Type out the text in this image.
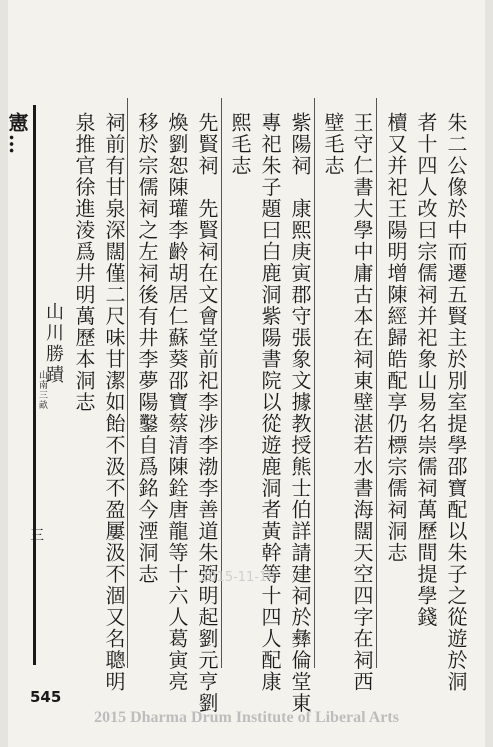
憲…
山川勝蹟
山南三畝
三	朱二公像於中而遷五賢主於別室提學邵寶配以朱子之從遊於洞
者十四人改曰宗儒祠并祀象山易名崇儒祠萬歷間提學錢
櫝又并祀王陽明增陳經歸皓配享仍標宗儒祠洞志
王守仁書大學中庸古本在祠東壁湛若水書海闊天空四字在祠西
壁毛志
紫陽祠　康熙庚寅郡守張象文據教授熊士伯詳請建祠於彝倫堂東
專祀朱子題曰白鹿洞紫陽書院以從遊鹿洞者黃幹等十四人配康
熙毛志
先賢祠　先賢祠在文會堂前祀李涉李渤李善道朱弼明起劉元亨劉
煥劉恕陳瓘李齡胡居仁蘇葵邵寶蔡清陳銓唐龍等十六人葛寅亮
移於宗儒祠之左祠後有井李夢陽鑿自爲銘今湮洞志
祠前有甘泉深闊僅二尺味甘潔如飴不汲不盈屢汲不涸又名聰明
泉推官徐進淩爲井明萬歷本洞志
2015-11-16
545
2015 Dharma Drum Institute of Liberal Arts
